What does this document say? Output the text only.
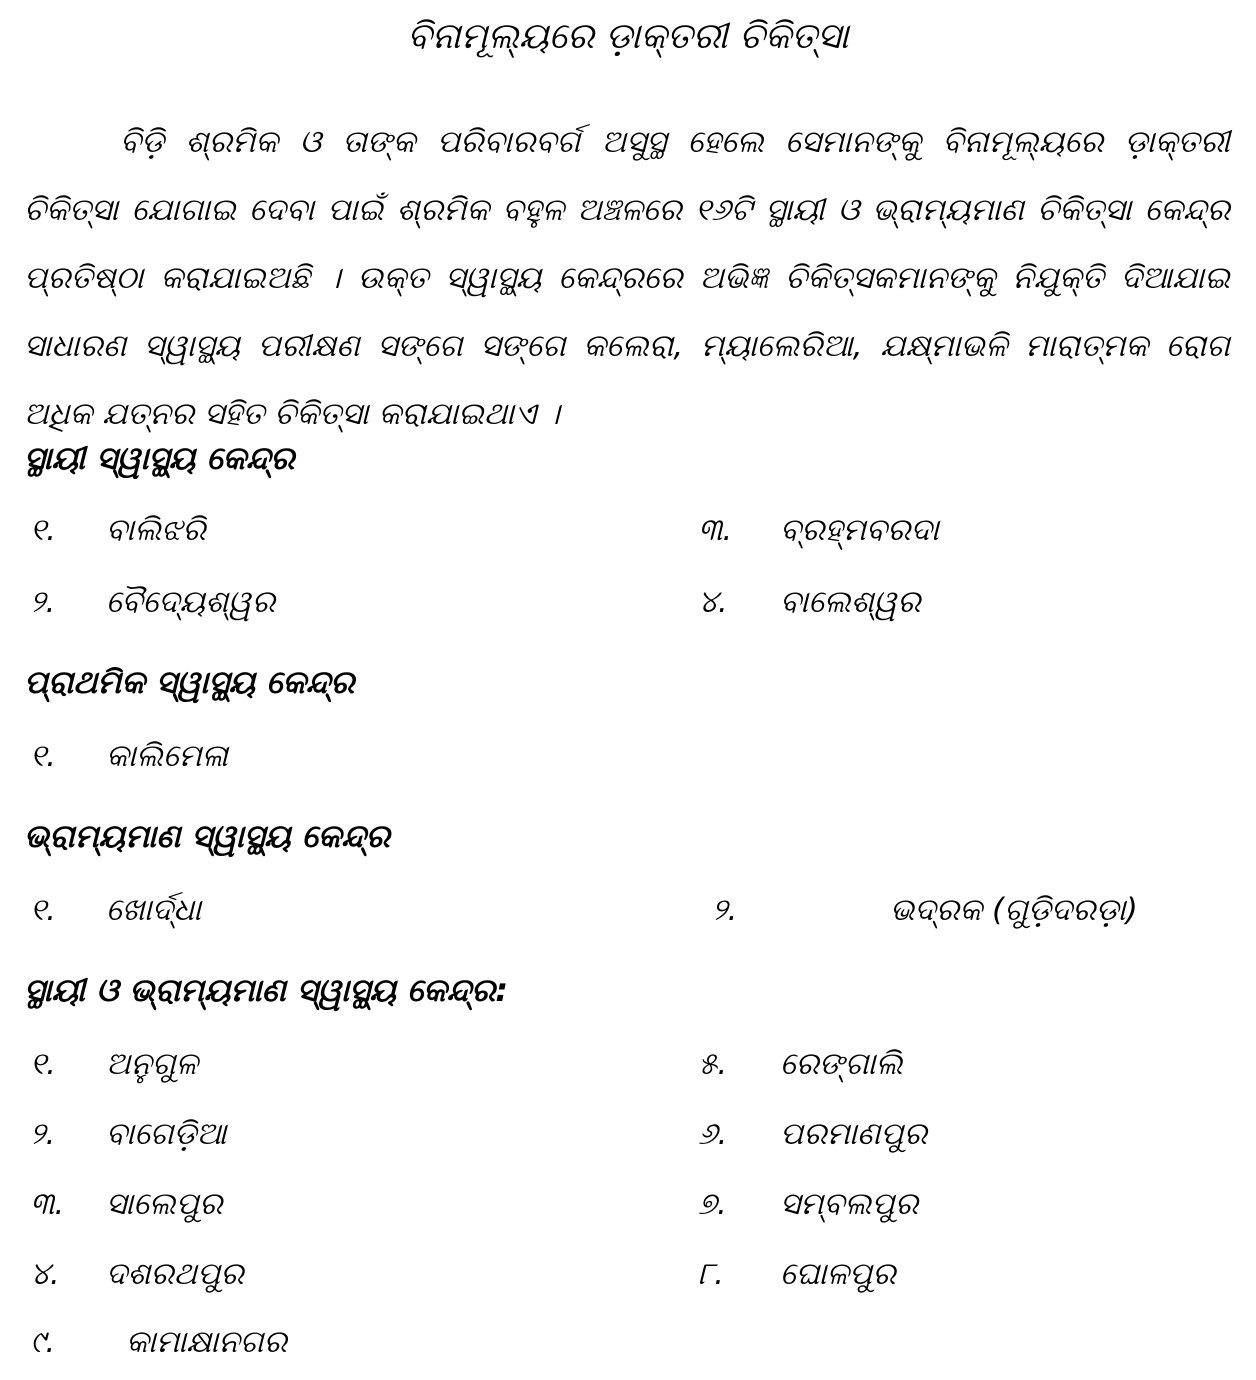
ବିନାମୂଲ୍ୟରେ ଡ଼ାକ୍ତରୀ ଚିକିତ୍ସା

ବିଡ଼ି ଶ୍ରମିକ ଓ ତାଙ୍କ ପରିବାରବର୍ଗ ଅସୁସ୍ଥ ହେଲେ ସେମାନଙ୍କୁ ବିନାମୂଲ୍ୟରେ ଡ଼ାକ୍ତରୀ ଚିକିତ୍ସା ଯୋଗାଇ ଦେବା ପାଇଁ ଶ୍ରମିକ ବହୁଳ ଅଞ୍ଚଳରେ ୧୬ଟି ସ୍ଥାୟୀ ଓ ଭ୍ରାମ୍ୟମାଣ ଚିକିତ୍ସା କେନ୍ଦ୍ର ପ୍ରତିଷ୍ଠା କରାଯାଇଅଛି । ଉକ୍ତ ସ୍ୱାସ୍ଥ୍ୟ କେନ୍ଦ୍ରରେ ଅଭିଜ୍ଞ ଚିକିତ୍ସକମାନଙ୍କୁ ନିଯୁକ୍ତି ଦିଆଯାଇ ସାଧାରଣ ସ୍ୱାସ୍ଥ୍ୟ ପରୀକ୍ଷଣ ସଙ୍ଗେ ସଙ୍ଗେ କଲେରା, ମ୍ୟାଲେରିଆ, ଯକ୍ଷ୍ମାଭଳି ମାରାତ୍ମକ ରୋଗ ଅଧିକ ଯତ୍ନର ସହିତ ଚିକିତ୍ସା କରାଯାଇଥାଏ ।

ସ୍ଥାୟୀ ସ୍ୱାସ୍ଥ୍ୟ କେନ୍ଦ୍ର
୧. ବାଲିଝରି
୨. ବୈଦ୍ୟେଶ୍ୱର
୩. ବ୍ରହ୍ମବରଦା
୪. ବାଲେଶ୍ୱର
ପ୍ରାଥମିକ ସ୍ୱାସ୍ଥ୍ୟ କେନ୍ଦ୍ର
୧. କାଲିମେଳା
ଭ୍ରାମ୍ୟମାଣ ସ୍ୱାସ୍ଥ୍ୟ କେନ୍ଦ୍ର
୧. ଖୋର୍ଦ୍ଧା	୨.	ଭଦ୍ରକ (ଗୁଡ଼ିଦରଡ଼ା)
ସ୍ଥାୟୀ ଓ ଭ୍ରାମ୍ୟମାଣ ସ୍ୱାସ୍ଥ୍ୟ କେନ୍ଦ୍ର:
୧. ଅନୁଗୁଳ
୨. ବାଗେଡ଼ିଆ
୩. ସାଲେପୁର
୪. ଦଶରଥପୁର
୫. ରେଙ୍ଗାଲି
୬. ପରମାଣପୁର
୭. ସମ୍ବଲପୁର
୮. ଘୋଳପୁର
୯. କାମାକ୍ଷାନଗର
